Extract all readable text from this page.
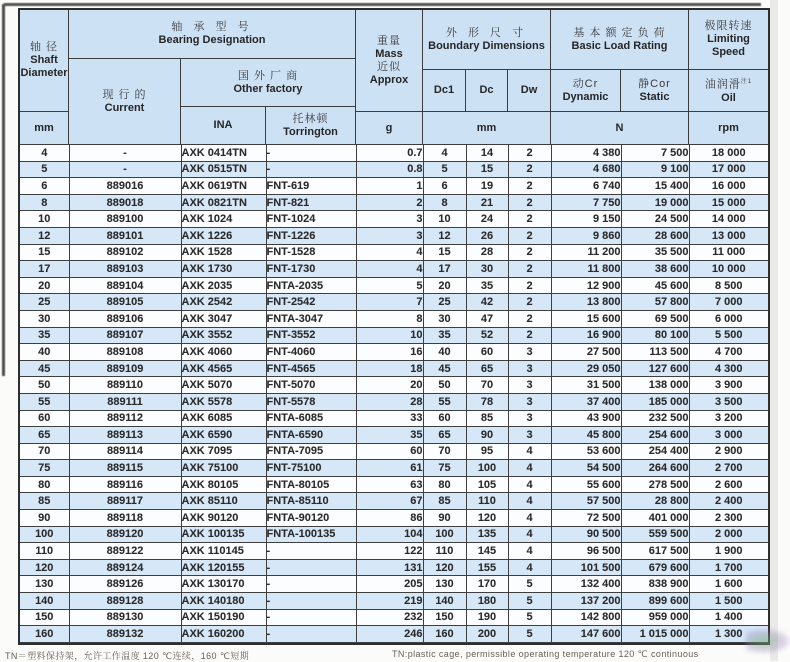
轴 径
Shaft
Diameter
mm
轴 承 型 号
Bearing Designation
现 行 的
Current
国 外 厂 商
Other factory
INA
托林顿
Torrington
重量
Mass
近似
Approx
g
外 形 尺 寸
Boundary Dimensions
Dc1 Dc Dw
mm
基 本 额 定 负 荷
Basic Load Rating
动Cr
Dynamic
静Cor
Static
N
极限转速
Limiting
Speed
油润滑$^{注1}$
Oil
rpm
4	-	AXK 0414TN	-	0.7	4	14	2	4 380	7 500	18 000
5	-	AXK 0515TN	-	0.8	5	15	2	4 680	9 100	17 000
6	889016	AXK 0619TN	FNT-619	1	6	19	2	6 740	15 400	16 000
8	889018	AXK 0821TN	FNT-821	2	8	21	2	7 750	19 000	15 000
10	889100	AXK 1024	FNT-1024	3	10	24	2	9 150	24 500	14 000
12	889101	AXK 1226	FNT-1226	3	12	26	2	9 860	28 600	13 000
15	889102	AXK 1528	FNT-1528	4	15	28	2	11 200	35 500	11 000
17	889103	AXK 1730	FNT-1730	4	17	30	2	11 800	38 600	10 000
20	889104	AXK 2035	FNTA-2035	5	20	35	2	12 900	45 600	8 500
25	889105	AXK 2542	FNT-2542	7	25	42	2	13 800	57 800	7 000
30	889106	AXK 3047	FNTA-3047	8	30	47	2	15 600	69 500	6 000
35	889107	AXK 3552	FNT-3552	10	35	52	2	16 900	80 100	5 500
40	889108	AXK 4060	FNT-4060	16	40	60	3	27 500	113 500	4 700
45	889109	AXK 4565	FNT-4565	18	45	65	3	29 050	127 600	4 300
50	889110	AXK 5070	FNT-5070	20	50	70	3	31 500	138 000	3 900
55	889111	AXK 5578	FNT-5578	28	55	78	3	37 400	185 000	3 500
60	889112	AXK 6085	FNTA-6085	33	60	85	3	43 900	232 500	3 200
65	889113	AXK 6590	FNTA-6590	35	65	90	3	45 800	254 600	3 000
70	889114	AXK 7095	FNTA-7095	60	70	95	4	53 600	254 400	2 900
75	889115	AXK 75100	FNT-75100	61	75	100	4	54 500	264 600	2 700
80	889116	AXK 80105	FNTA-80105	63	80	105	4	55 600	278 500	2 600
85	889117	AXK 85110	FNTA-85110	67	85	110	4	57 500	28 800	2 400
90	889118	AXK 90120	FNTA-90120	86	90	120	4	72 500	401 000	2 300
100	889120	AXK 100135	FNTA-100135	104	100	135	4	90 500	559 500	2 000
110	889122	AXK 110145	-	122	110	145	4	96 500	617 500	1 900
120	889124	AXK 120155	-	131	120	155	4	101 500	679 600	1 700
130	889126	AXK 130170	-	205	130	170	5	132 400	838 900	1 600
140	889128	AXK 140180	-	219	140	180	5	137 200	899 600	1 500
150	889130	AXK 150190	-	232	150	190	5	142 800	959 000	1 400
160	889132	AXK 160200	-	246	160	200	5	147 600	1 015 000	1 300
TN＝塑料保持架，允许工作温度 120 ℃连续，160 ℃短期	TN:plastic cage, permissible operating temperature 120 ℃ continuous
